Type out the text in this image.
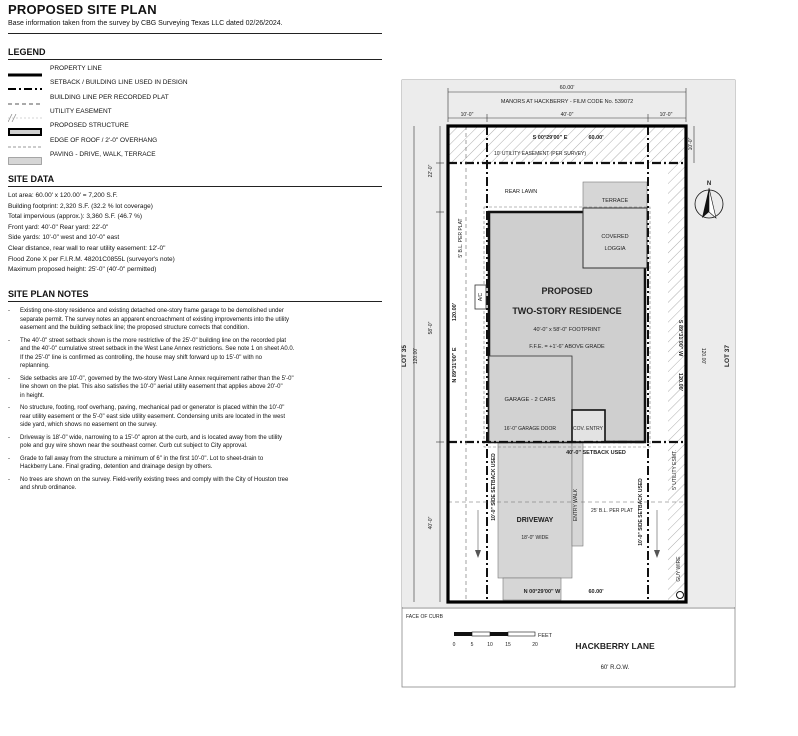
PROPOSED SITE PLAN
Base information taken from the survey by CBG Surveying Texas LLC dated 02/26/2024.
LEGEND
PROPERTY LINE
SETBACK / BUILDING LINE USED IN DESIGN
BUILDING LINE PER RECORDED PLAT
UTILITY EASEMENT
PROPOSED STRUCTURE
EDGE OF ROOF / 2'-0" OVERHANG
PAVING - DRIVE, WALK, TERRACE
SITE DATA
Lot area: 60.00' x 120.00' = 7,200 S.F.
Building footprint: 2,320 S.F. (32.2 % lot coverage)
Total impervious (approx.): 3,360 S.F. (46.7 %)
Front yard: 40'-0" Rear yard: 22'-0"
Side yards: 10'-0" west and 10'-0" east
Clear distance, rear wall to rear utility easement: 12'-0"
Flood Zone X per F.I.R.M. 48201C0855L (surveyor's note)
Maximum proposed height: 25'-0" (40'-0" permitted)
SITE PLAN NOTES
- Existing one-story residence and existing detached one-story frame garage to be demolished under
separate permit. The survey notes an apparent encroachment of existing improvements into the utility
easement and the building setback line; the proposed structure corrects that condition.
- The 40'-0" street setback shown is the more restrictive of the 25'-0" building line on the recorded plat
and the 40'-0" cumulative street setback in the West Lane Annex restrictions. See note 1 on sheet A0.0.
If the 25'-0" line is confirmed as controlling, the house may shift forward up to 15'-0" with no
replanning.
- Side setbacks are 10'-0", governed by the two-story West Lane Annex requirement rather than the 5'-0"
line shown on the plat. This also satisfies the 10'-0" aerial utility easement that applies above 20'-0"
in height.
- No structure, footing, roof overhang, paving, mechanical pad or generator is placed within the 10'-0"
rear utility easement or the 5'-0" east side utility easement. Condensing units are located in the west
side yard, which shows no easement on the survey.
- Driveway is 18'-0" wide, narrowing to a 15'-0" apron at the curb, and is located away from the utility
pole and guy wire shown near the southeast corner. Curb cut subject to City approval.
- Grade to fall away from the structure a minimum of 6" in the first 10'-0". Lot to sheet-drain to
Hackberry Lane. Final grading, detention and drainage design by others.
- No trees are shown on the survey. Field-verify existing trees and comply with the City of Houston tree
and shrub ordinance.
60.00'
MANORS AT HACKBERRY - FILM CODE No. 539072
10'-0"	40'-0"	10'-0"
10'-0"
S 00°29'00" E	60.00'
10' UTILITY EASEMENT (PER SURVEY)
REAR LAWN
TERRACE
COVERED
LOGGIA
PROPOSED
TWO-STORY RESIDENCE
40'-0" x 58'-0" FOOTPRINT
F.F.E. = +1'-6" ABOVE GRADE
GARAGE - 2 CARS
16'-0" GARAGE DOOR	COV. ENTRY
A/C
40'-0" SETBACK USED
5' B.L. PER PLAT
N 89°31'00" E
120.00'
S 89°31'00" W
120.00'
10'-0" SIDE SETBACK USED	10'-0" SIDE SETBACK USED
5' UTILITY ESMT.
ENTRY WALK 25' B.L. PER PLAT
DRIVEWAY
18'-0" WIDE
GUY WIRE
N 00°29'00" W	60.00'
22'-0"
58'-0"
40'-0"
LOT 35 120.00'	LOT 37
120.00'
N
FACE OF CURB
HACKBERRY LANE
60' R.O.W.
FEET
0	5	10 15	20
